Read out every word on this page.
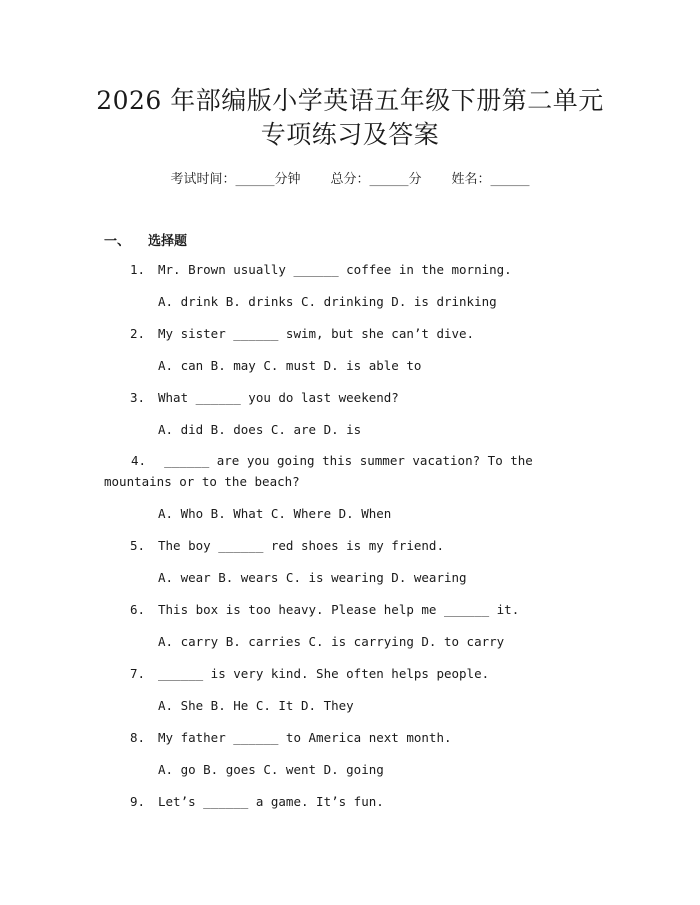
2026 年部编版小学英语五年级下册第二单元
专项练习及答案
考试时间：______分钟 总分：______分 姓名：______
一、 选择题
1. Mr. Brown usually ______ coffee in the morning.
A. drink B. drinks C. drinking D. is drinking
2. My sister ______ swim, but she can’t dive.
A. can B. may C. must D. is able to
3. What ______ you do last weekend?
A. did B. does C. are D. is
4. ______ are you going this summer vacation? To the mountains or to the beach?
A. Who B. What C. Where D. When
5. The boy ______ red shoes is my friend.
A. wear B. wears C. is wearing D. wearing
6. This box is too heavy. Please help me ______ it.
A. carry B. carries C. is carrying D. to carry
7. ______ is very kind. She often helps people.
A. She B. He C. It D. They
8. My father ______ to America next month.
A. go B. goes C. went D. going
9. Let’s ______ a game. It’s fun.
